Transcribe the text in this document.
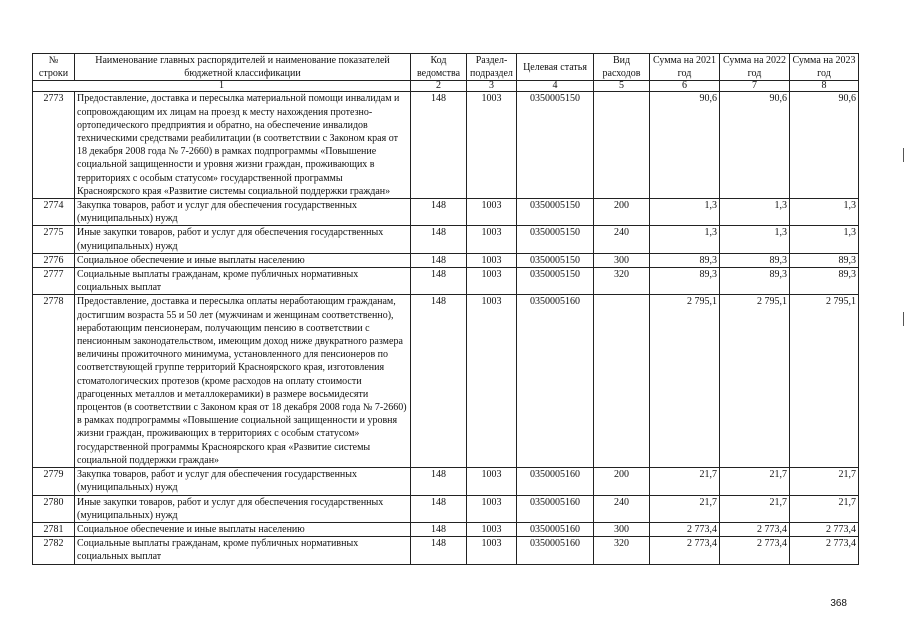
№ строки	Наименование главных распорядителей и наименование показателей бюджетной классификации	Код ведомства	Раздел-подраздел	Целевая статья	Вид расходов	Сумма на 2021 год	Сумма на 2022 год	Сумма на 2023 год
1		2	3	4	5	6	7	8
2773	Предоставление, доставка и пересылка материальной помощи инвалидам и сопровождающим их лицам на проезд к месту нахождения протезно-ортопедического предприятия и обратно, на обеспечение инвалидов техническими средствами реабилитации (в соответствии с Законом края от 18 декабря 2008 года № 7-2660) в рамках подпрограммы «Повышение социальной защищенности и уровня жизни граждан, проживающих в территориях с особым статусом» государственной программы Красноярского края «Развитие системы социальной поддержки граждан»	148	1003	0350005150		90,6	90,6	90,6
2774	Закупка товаров, работ и услуг для обеспечения государственных (муниципальных) нужд	148	1003	0350005150	200	1,3	1,3	1,3
2775	Иные закупки товаров, работ и услуг для обеспечения государственных (муниципальных) нужд	148	1003	0350005150	240	1,3	1,3	1,3
2776	Социальное обеспечение и иные выплаты населению	148	1003	0350005150	300	89,3	89,3	89,3
2777	Социальные выплаты гражданам, кроме публичных нормативных социальных выплат	148	1003	0350005150	320	89,3	89,3	89,3
2778	Предоставление, доставка и пересылка оплаты неработающим гражданам, достигшим возраста 55 и 50 лет (мужчинам и женщинам соответственно), неработающим пенсионерам, получающим пенсию в соответствии с пенсионным законодательством, имеющим доход ниже двукратного размера величины прожиточного минимума, установленного для пенсионеров по соответствующей группе территорий Красноярского края, изготовления стоматологических протезов (кроме расходов на оплату стоимости драгоценных металлов и металлокерамики) в размере восьмидесяти процентов (в соответствии с Законом края от 18 декабря 2008 года № 7-2660) в рамках подпрограммы «Повышение социальной защищенности и уровня жизни граждан, проживающих в территориях с особым статусом» государственной программы Красноярского края «Развитие системы социальной поддержки граждан»	148	1003	0350005160		2 795,1	2 795,1	2 795,1
2779	Закупка товаров, работ и услуг для обеспечения государственных (муниципальных) нужд	148	1003	0350005160	200	21,7	21,7	21,7
2780	Иные закупки товаров, работ и услуг для обеспечения государственных (муниципальных) нужд	148	1003	0350005160	240	21,7	21,7	21,7
2781	Социальное обеспечение и иные выплаты населению	148	1003	0350005160	300	2 773,4	2 773,4	2 773,4
2782	Социальные выплаты гражданам, кроме публичных нормативных социальных выплат	148	1003	0350005160	320	2 773,4	2 773,4	2 773,4
368
